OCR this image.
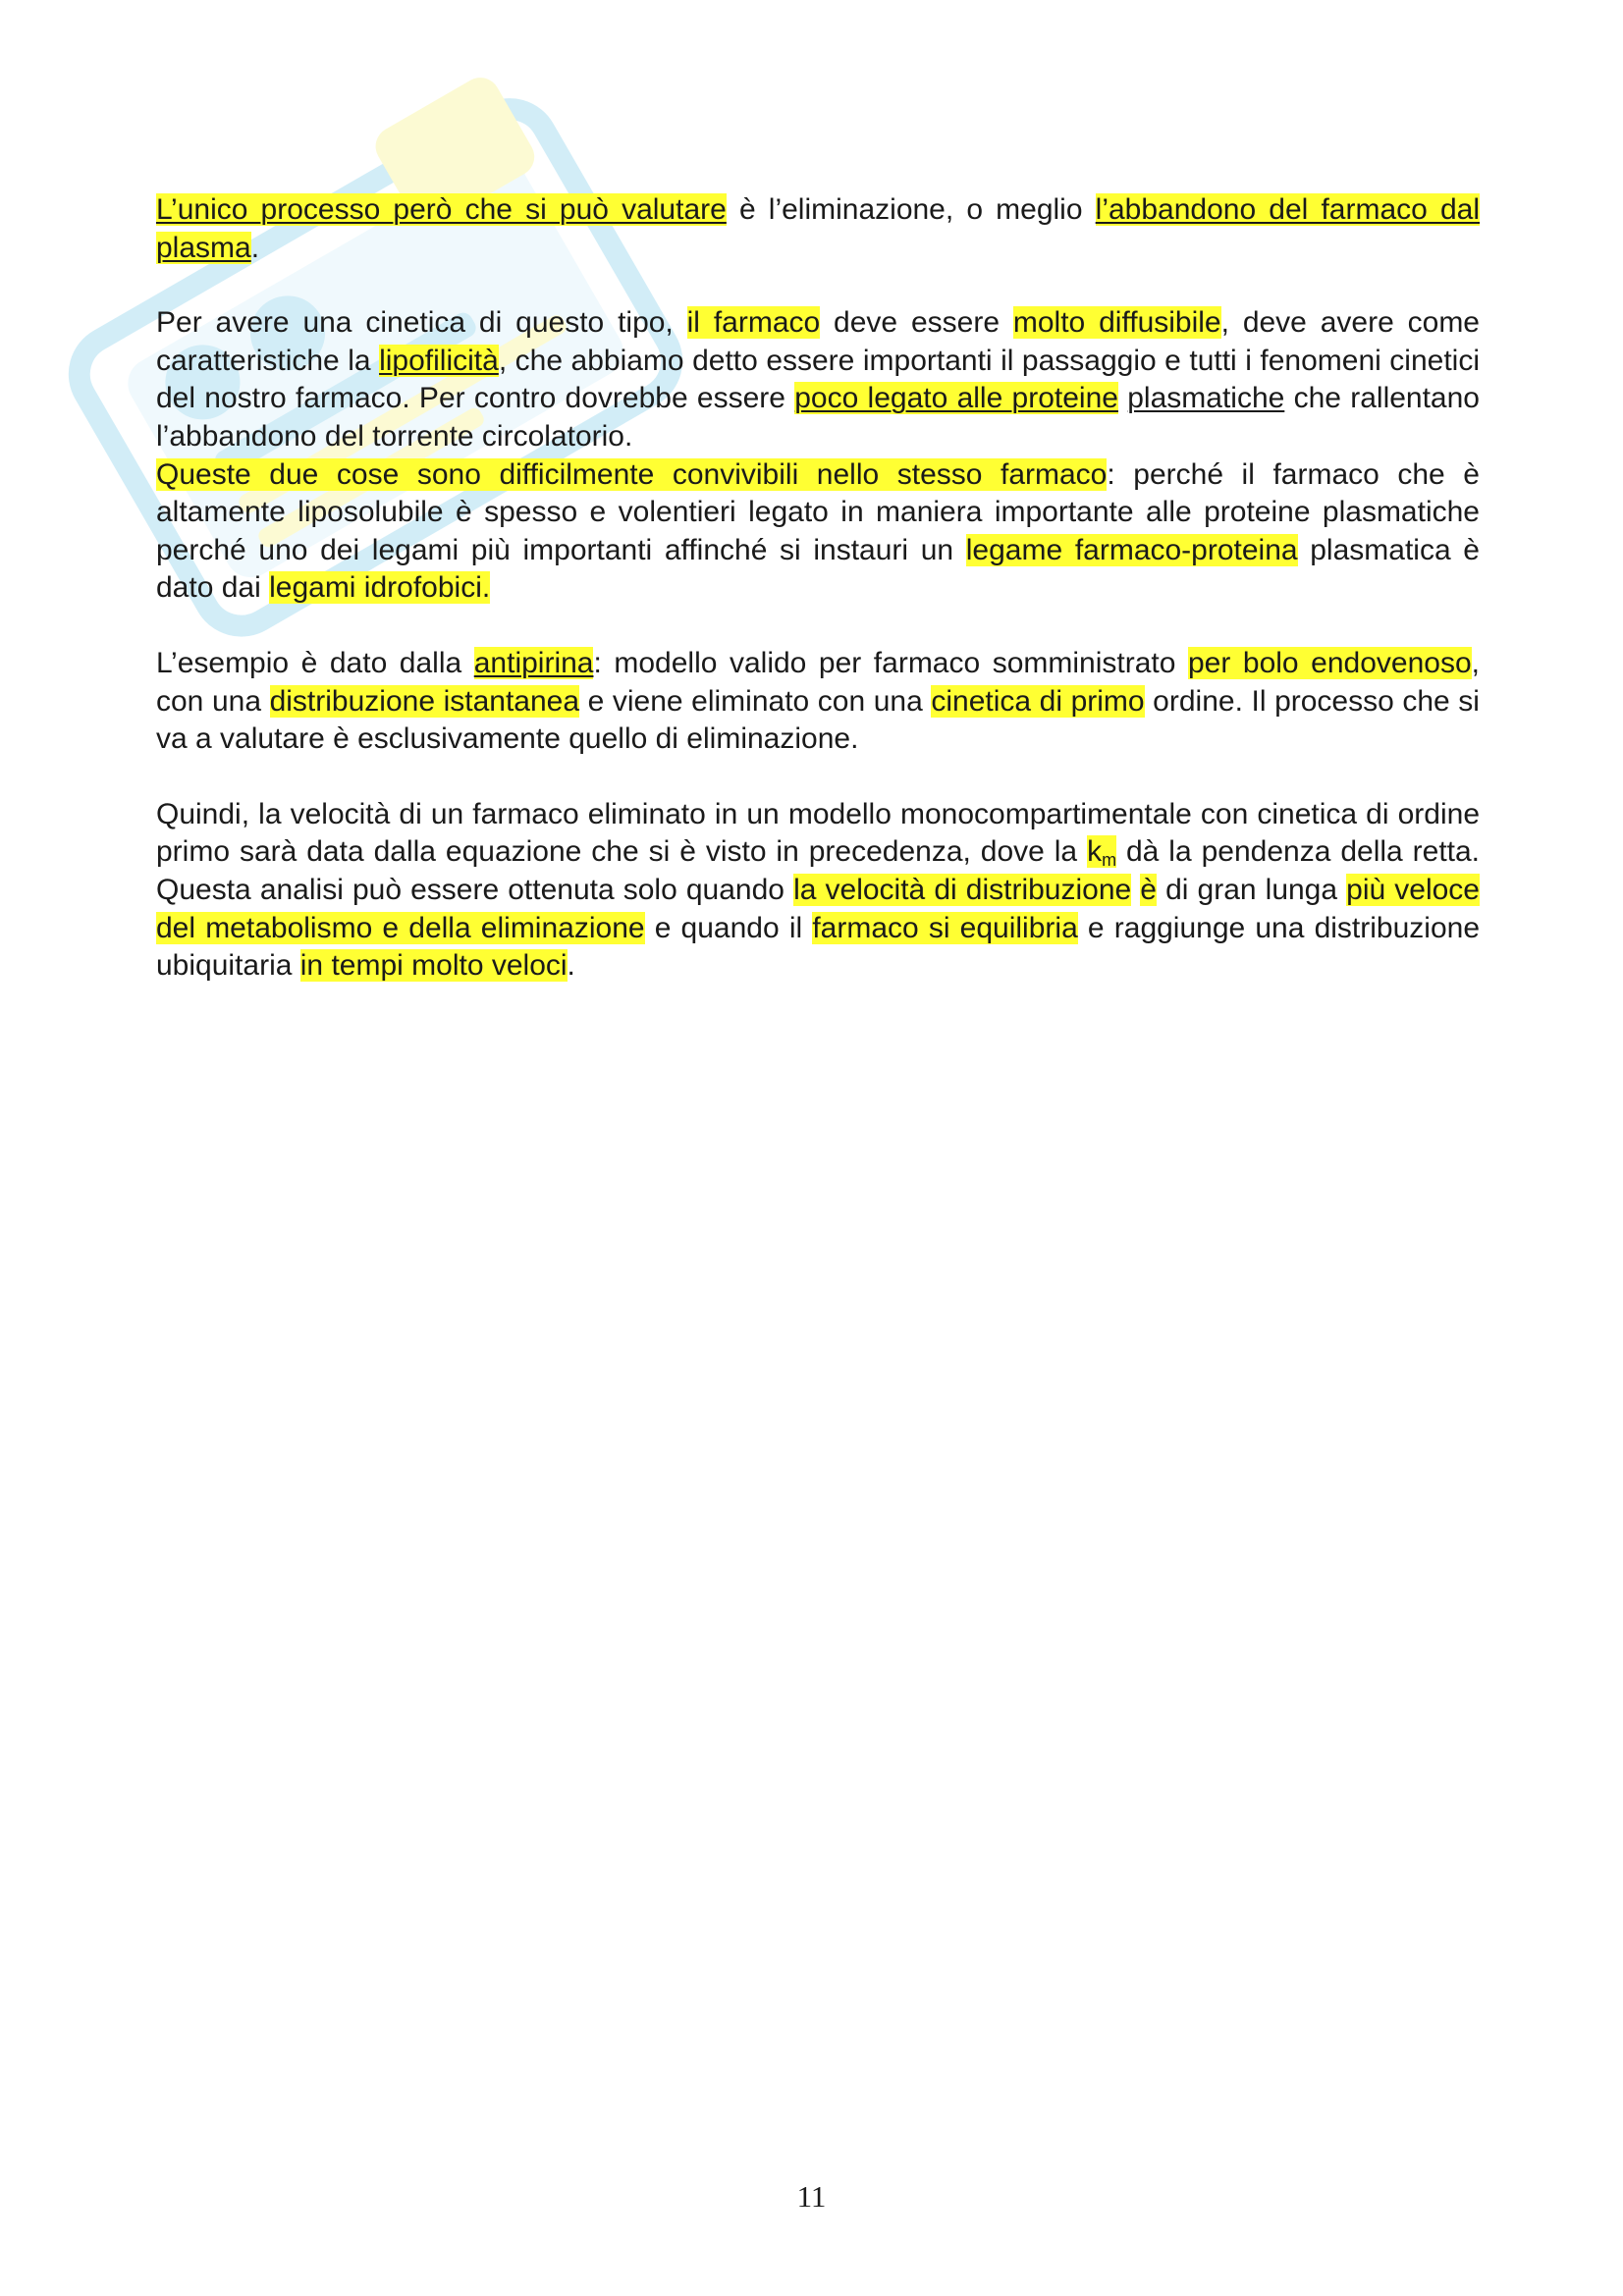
L’unico processo però che si può valutare è l’eliminazione, o meglio l’abbandono del farmaco dal plasma.

Per avere una cinetica di questo tipo, il farmaco deve essere molto diffusibile, deve avere come caratteristiche la lipofilicità, che abbiamo detto essere importanti il passaggio e tutti i fenomeni cinetici del nostro farmaco. Per contro dovrebbe essere poco legato alle proteine plasmatiche che rallentano l’abbandono del torrente circolatorio.
Queste due cose sono difficilmente convivibili nello stesso farmaco: perché il farmaco che è altamente liposolubile è spesso e volentieri legato in maniera importante alle proteine plasmatiche perché uno dei legami più importanti affinché si instauri un legame farmaco-proteina plasmatica è dato dai legami idrofobici.

L’esempio è dato dalla antipirina: modello valido per farmaco somministrato per bolo endovenoso, con una distribuzione istantanea e viene eliminato con una cinetica di primo ordine. Il processo che si va a valutare è esclusivamente quello di eliminazione.

Quindi, la velocità di un farmaco eliminato in un modello monocompartimentale con cinetica di ordine primo sarà data dalla equazione che si è visto in precedenza, dove la $k_m$ dà la pendenza della retta. Questa analisi può essere ottenuta solo quando la velocità di distribuzione è di gran lunga più veloce del metabolismo e della eliminazione e quando il farmaco si equilibria e raggiunge una distribuzione ubiquitaria in tempi molto veloci.

11
